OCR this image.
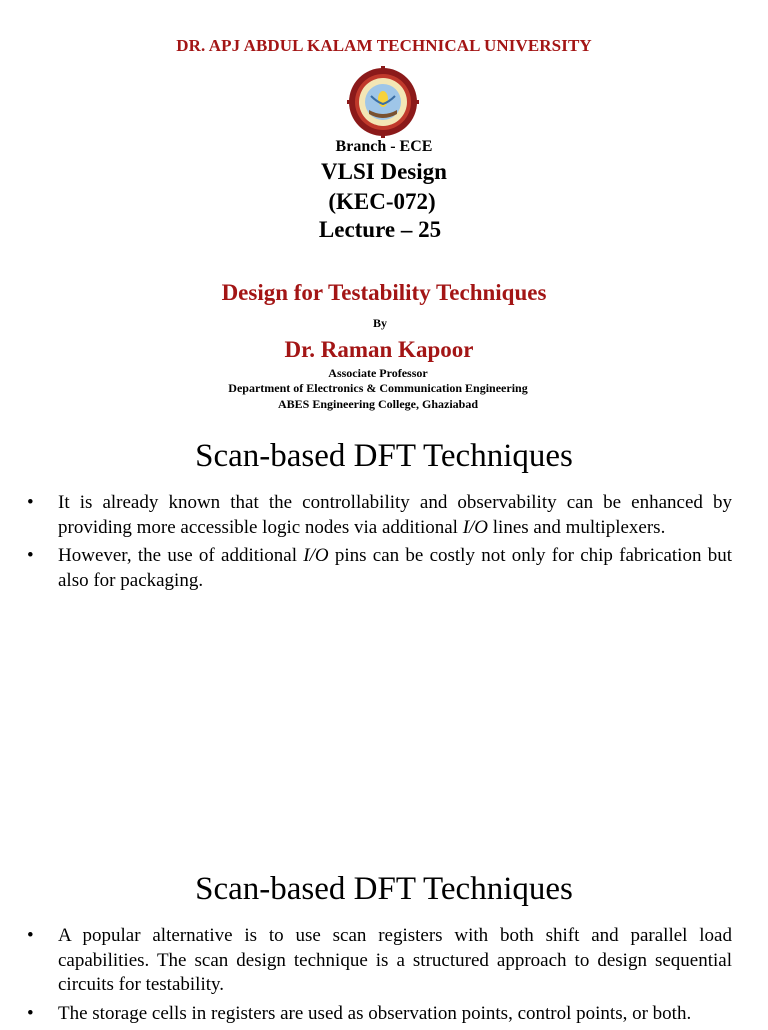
DR. APJ ABDUL KALAM TECHNICAL UNIVERSITY
Branch - ECE
VLSI Design
(KEC-072)
Lecture – 25
Design for Testability Techniques
By
Dr. Raman Kapoor
Associate Professor
Department of Electronics & Communication Engineering
ABES Engineering College, Ghaziabad
Scan-based DFT Techniques
• It is already known that the controllability and observability can be enhanced by providing more accessible logic nodes via additional I/O lines and multiplexers.
• However, the use of additional I/O pins can be costly not only for chip fabrication but also for packaging.
Scan-based DFT Techniques
• A popular alternative is to use scan registers with both shift and parallel load capabilities. The scan design technique is a structured approach to design sequential circuits for testability.
• The storage cells in registers are used as observation points, control points, or both.
